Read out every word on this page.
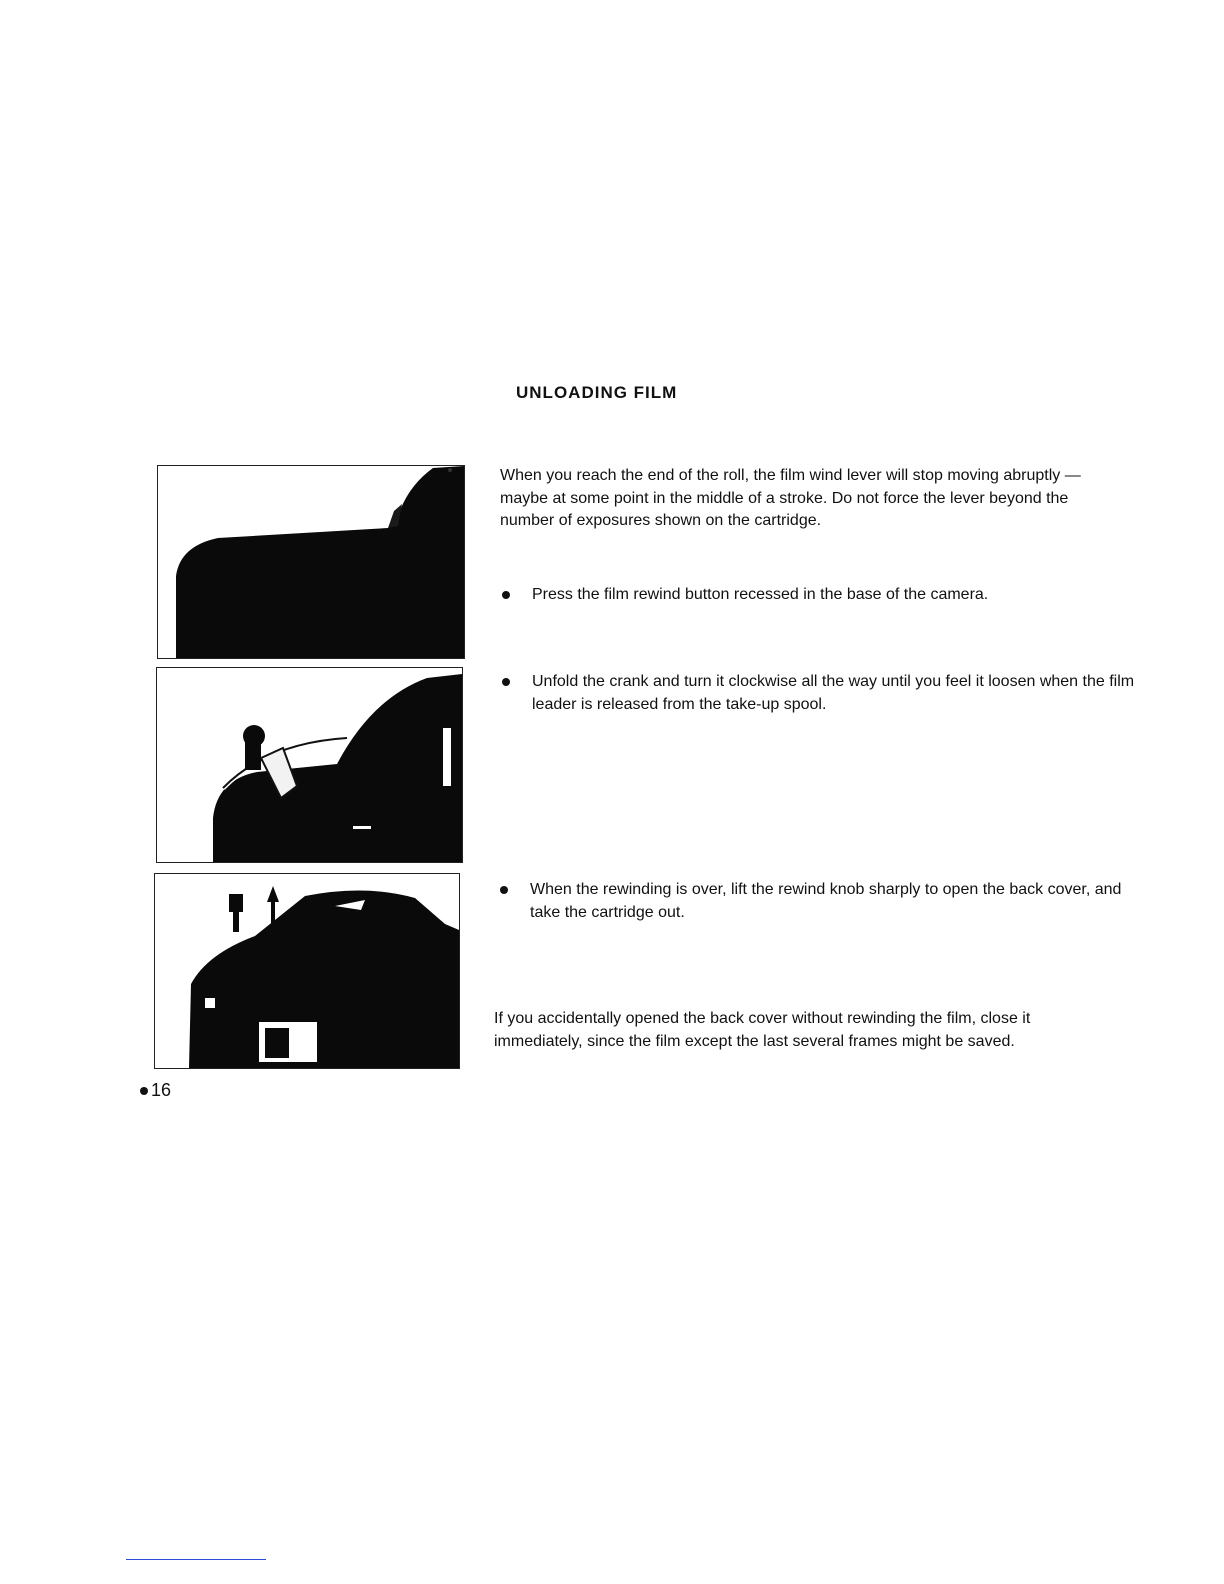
UNLOADING FILM

When you reach the end of the roll, the film wind lever will stop moving abruptly — maybe at some point in the middle of a stroke. Do not force the lever beyond the number of exposures shown on the cartridge.

Press the film rewind button recessed in the base of the camera.
Unfold the crank and turn it clockwise all the way until you feel it loosen when the film leader is released from the take-up spool.
When the rewinding is over, lift the rewind knob sharply to open the back cover, and take the cartridge out.

If you accidentally opened the back cover without rewinding the film, close it immediately, since the film except the last several frames might be saved.

16
